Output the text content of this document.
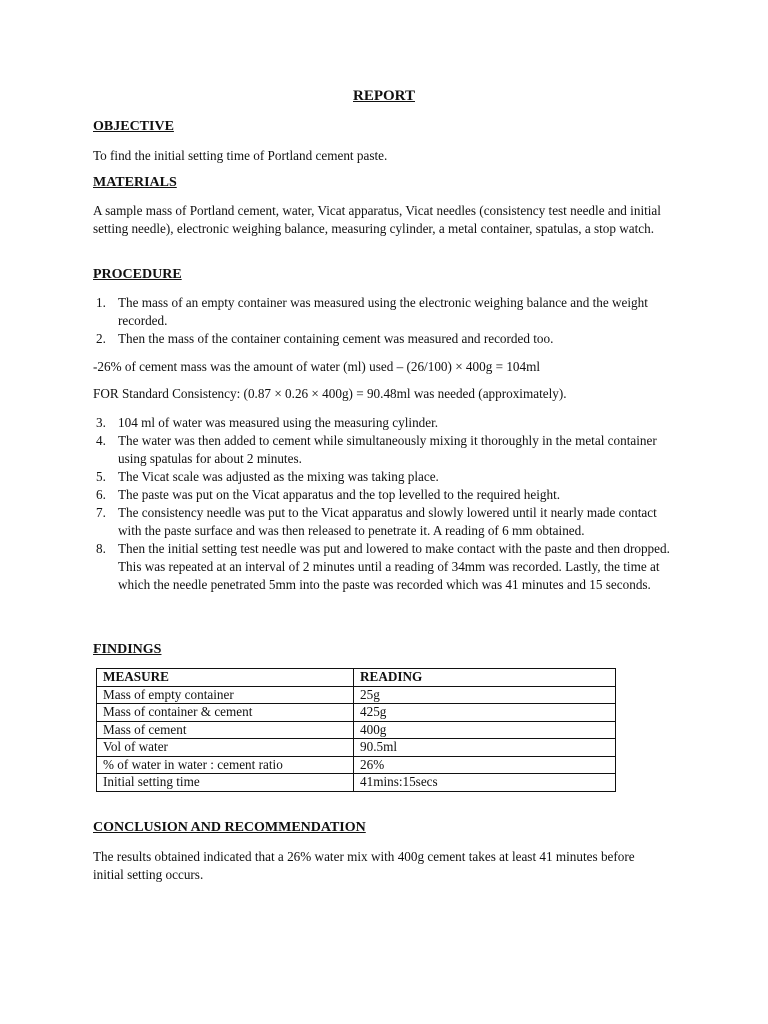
REPORT
OBJECTIVE
To find the initial setting time of Portland cement paste.
MATERIALS
A sample mass of Portland cement, water, Vicat apparatus, Vicat needles (consistency test needle and initial setting needle), electronic weighing balance, measuring cylinder, a metal container, spatulas, a stop watch.
PROCEDURE
1. The mass of an empty container was measured using the electronic weighing balance and the weight recorded.
2. Then the mass of the container containing cement was measured and recorded too.
-26% of cement mass was the amount of water (ml) used – (26/100) × 400g = 104ml
FOR Standard Consistency: (0.87 × 0.26 × 400g) = 90.48ml was needed (approximately).
3. 104 ml of water was measured using the measuring cylinder.
4. The water was then added to cement while simultaneously mixing it thoroughly in the metal container using spatulas for about 2 minutes.
5. The Vicat scale was adjusted as the mixing was taking place.
6. The paste was put on the Vicat apparatus and the top levelled to the required height.
7. The consistency needle was put to the Vicat apparatus and slowly lowered until it nearly made contact with the paste surface and was then released to penetrate it. A reading of 6 mm obtained.
8. Then the initial setting test needle was put and lowered to make contact with the paste and then dropped. This was repeated at an interval of 2 minutes until a reading of 34mm was recorded. Lastly, the time at which the needle penetrated 5mm into the paste was recorded which was 41 minutes and 15 seconds.
FINDINGS
MEASURE	READING
Mass of empty container	25g
Mass of container & cement	425g
Mass of cement	400g
Vol of water	90.5ml
% of water in water : cement ratio	26%
Initial setting time	41mins:15secs
CONCLUSION AND RECOMMENDATION
The results obtained indicated that a 26% water mix with 400g cement takes at least 41 minutes before initial setting occurs.
